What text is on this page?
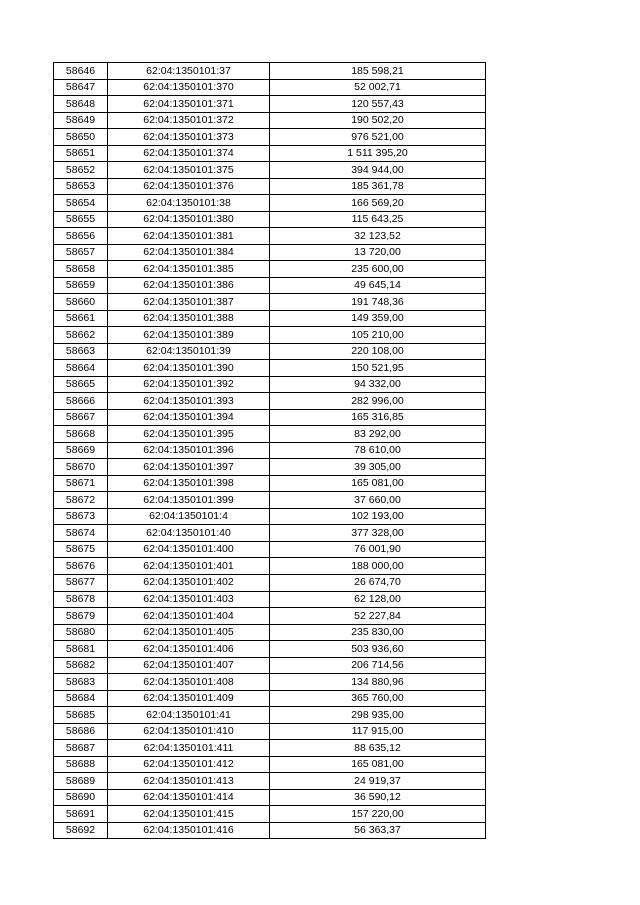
58646	62:04:1350101:37	185 598,21
58647	62:04:1350101:370	52 002,71
58648	62:04:1350101:371	120 557,43
58649	62:04:1350101:372	190 502,20
58650	62:04:1350101:373	976 521,00
58651	62:04:1350101:374	1 511 395,20
58652	62:04:1350101:375	394 944,00
58653	62:04:1350101:376	185 361,78
58654	62:04:1350101:38	166 569,20
58655	62:04:1350101:380	115 643,25
58656	62:04:1350101:381	32 123,52
58657	62:04:1350101:384	13 720,00
58658	62:04:1350101:385	235 600,00
58659	62:04:1350101:386	49 645,14
58660	62:04:1350101:387	191 748,36
58661	62:04:1350101:388	149 359,00
58662	62:04:1350101:389	105 210,00
58663	62:04:1350101:39	220 108,00
58664	62:04:1350101:390	150 521,95
58665	62:04:1350101:392	94 332,00
58666	62:04:1350101:393	282 996,00
58667	62:04:1350101:394	165 316,85
58668	62:04:1350101:395	83 292,00
58669	62:04:1350101:396	78 610,00
58670	62:04:1350101:397	39 305,00
58671	62:04:1350101:398	165 081,00
58672	62:04:1350101:399	37 660,00
58673	62:04:1350101:4	102 193,00
58674	62:04:1350101:40	377 328,00
58675	62:04:1350101:400	76 001,90
58676	62:04:1350101:401	188 000,00
58677	62:04:1350101:402	26 674,70
58678	62:04:1350101:403	62 128,00
58679	62:04:1350101:404	52 227,84
58680	62:04:1350101:405	235 830,00
58681	62:04:1350101:406	503 936,60
58682	62:04:1350101:407	206 714,56
58683	62:04:1350101:408	134 880,96
58684	62:04:1350101:409	365 760,00
58685	62:04:1350101:41	298 935,00
58686	62:04:1350101:410	117 915,00
58687	62:04:1350101:411	88 635,12
58688	62:04:1350101:412	165 081,00
58689	62:04:1350101:413	24 919,37
58690	62:04:1350101:414	36 590,12
58691	62:04:1350101:415	157 220,00
58692	62:04:1350101:416	56 363,37
